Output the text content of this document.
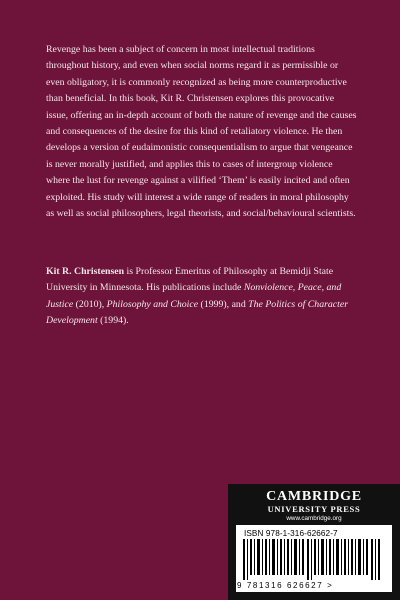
Revenge has been a subject of concern in most intellectual traditions throughout history, and even when social norms regard it as permissible or even obligatory, it is commonly recognized as being more counterproductive than beneficial. In this book, Kit R. Christensen explores this provocative issue, offering an in-depth account of both the nature of revenge and the causes and consequences of the desire for this kind of retaliatory violence. He then develops a version of eudaimonistic consequentialism to argue that vengeance is never morally justified, and applies this to cases of intergroup violence where the lust for revenge against a vilified ‘Them’ is easily incited and often exploited. His study will interest a wide range of readers in moral philosophy as well as social philosophers, legal theorists, and social/behavioural scientists.

Kit R. Christensen is Professor Emeritus of Philosophy at Bemidji State University in Minnesota. His publications include Nonviolence, Peace, and Justice (2010), Philosophy and Choice (1999), and The Politics of Character Development (1994).
CAMBRIDGE
UNIVERSITY PRESS
www.cambridge.org
ISBN 978-1-316-62662-7
9 781316 626627 >
